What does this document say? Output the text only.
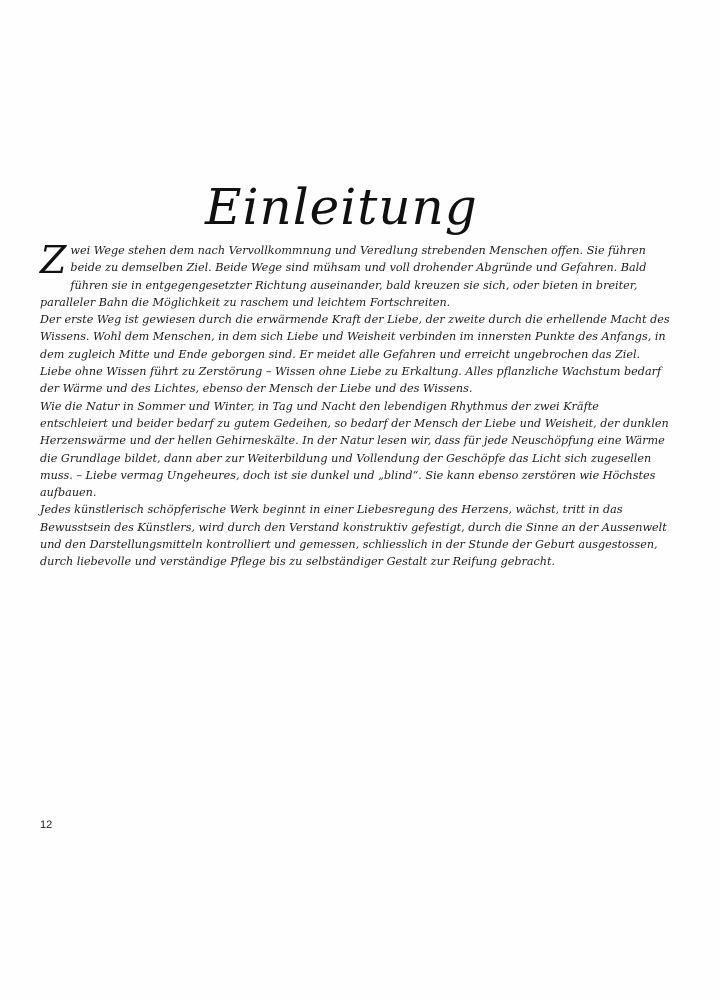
Einleitung

Z wei Wege stehen dem nach Vervollkommnung und Veredlung strebenden Menschen offen. Sie führen beide zu demselben Ziel. Beide Wege sind mühsam und voll drohender Abgründe und Gefahren. Bald führen sie in entgegengesetzter Richtung auseinander, bald kreuzen sie sich, oder bieten in breiter, paralleler Bahn die Möglichkeit zu raschem und leichtem Fortschreiten.

Der erste Weg ist gewiesen durch die erwärmende Kraft der Liebe, der zweite durch die erhellende Macht des Wissens. Wohl dem Menschen, in dem sich Liebe und Weisheit verbinden im innersten Punkte des Anfangs, in dem zugleich Mitte und Ende geborgen sind. Er meidet alle Gefahren und erreicht ungebrochen das Ziel. Liebe ohne Wissen führt zu Zerstörung – Wissen ohne Liebe zu Erkaltung. Alles pflanzliche Wachstum bedarf der Wärme und des Lichtes, ebenso der Mensch der Liebe und des Wissens.

Wie die Natur in Sommer und Winter, in Tag und Nacht den lebendigen Rhythmus der zwei Kräfte entschleiert und beider bedarf zu gutem Gedeihen, so bedarf der Mensch der Liebe und Weisheit, der dunklen Herzenswärme und der hellen Gehirneskälte. In der Natur lesen wir, dass für jede Neuschöpfung eine Wärme die Grundlage bildet, dann aber zur Weiterbildung und Vollendung der Geschöpfe das Licht sich zugesellen muss. – Liebe vermag Ungeheures, doch ist sie dunkel und „blind“. Sie kann ebenso zerstören wie Höchstes aufbauen.

Jedes künstlerisch schöpferische Werk beginnt in einer Liebesregung des Herzens, wächst, tritt in das Bewusstsein des Künstlers, wird durch den Verstand konstruktiv gefestigt, durch die Sinne an der Aussenwelt und den Darstellungsmitteln kontrolliert und gemessen, schliesslich in der Stunde der Geburt ausgestossen, durch liebevolle und verständige Pflege bis zu selbständiger Gestalt zur Reifung gebracht.

12
